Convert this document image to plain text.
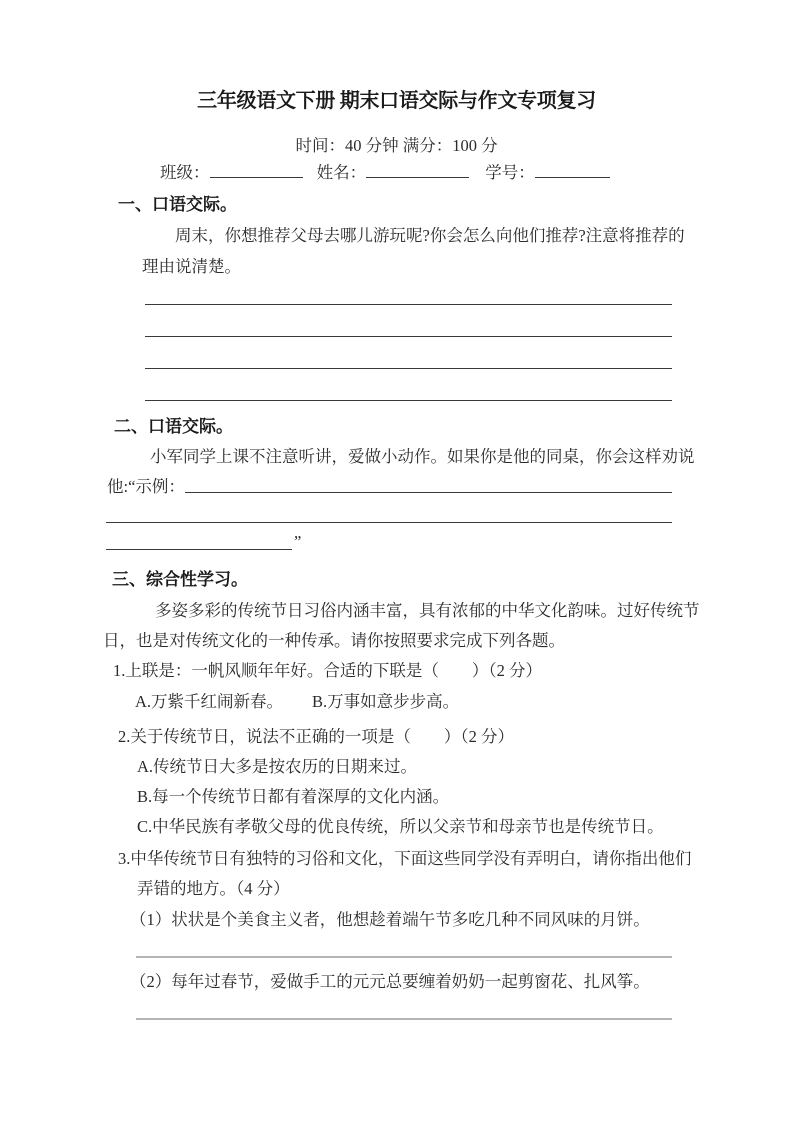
三年级语文下册 期末口语交际与作文专项复习
时间：40 分钟 满分：100 分
班级：	姓名：	学号：
一、口语交际。
周末，你想推荐父母去哪儿游玩呢?你会怎么向他们推荐?注意将推荐的
理由说清楚。
二、口语交际。
小军同学上课不注意听讲，爱做小动作。如果你是他的同桌，你会这样劝说
他:“示例：
”
三、综合性学习。
多姿多彩的传统节日习俗内涵丰富，具有浓郁的中华文化韵味。过好传统节
日，也是对传统文化的一种传承。请你按照要求完成下列各题。
1.上联是：一帆风顺年年好。合适的下联是（　　）（2 分）
A.万紫千红闹新春。 B.万事如意步步高。
2.关于传统节日，说法不正确的一项是（　　）（2 分）
A.传统节日大多是按农历的日期来过。
B.每一个传统节日都有着深厚的文化内涵。
C.中华民族有孝敬父母的优良传统，所以父亲节和母亲节也是传统节日。
3.中华传统节日有独特的习俗和文化，下面这些同学没有弄明白，请你指出他们
弄错的地方。（4 分）
（1）状状是个美食主义者，他想趁着端午节多吃几种不同风味的月饼。
（2）每年过春节，爱做手工的元元总要缠着奶奶一起剪窗花、扎风筝。
